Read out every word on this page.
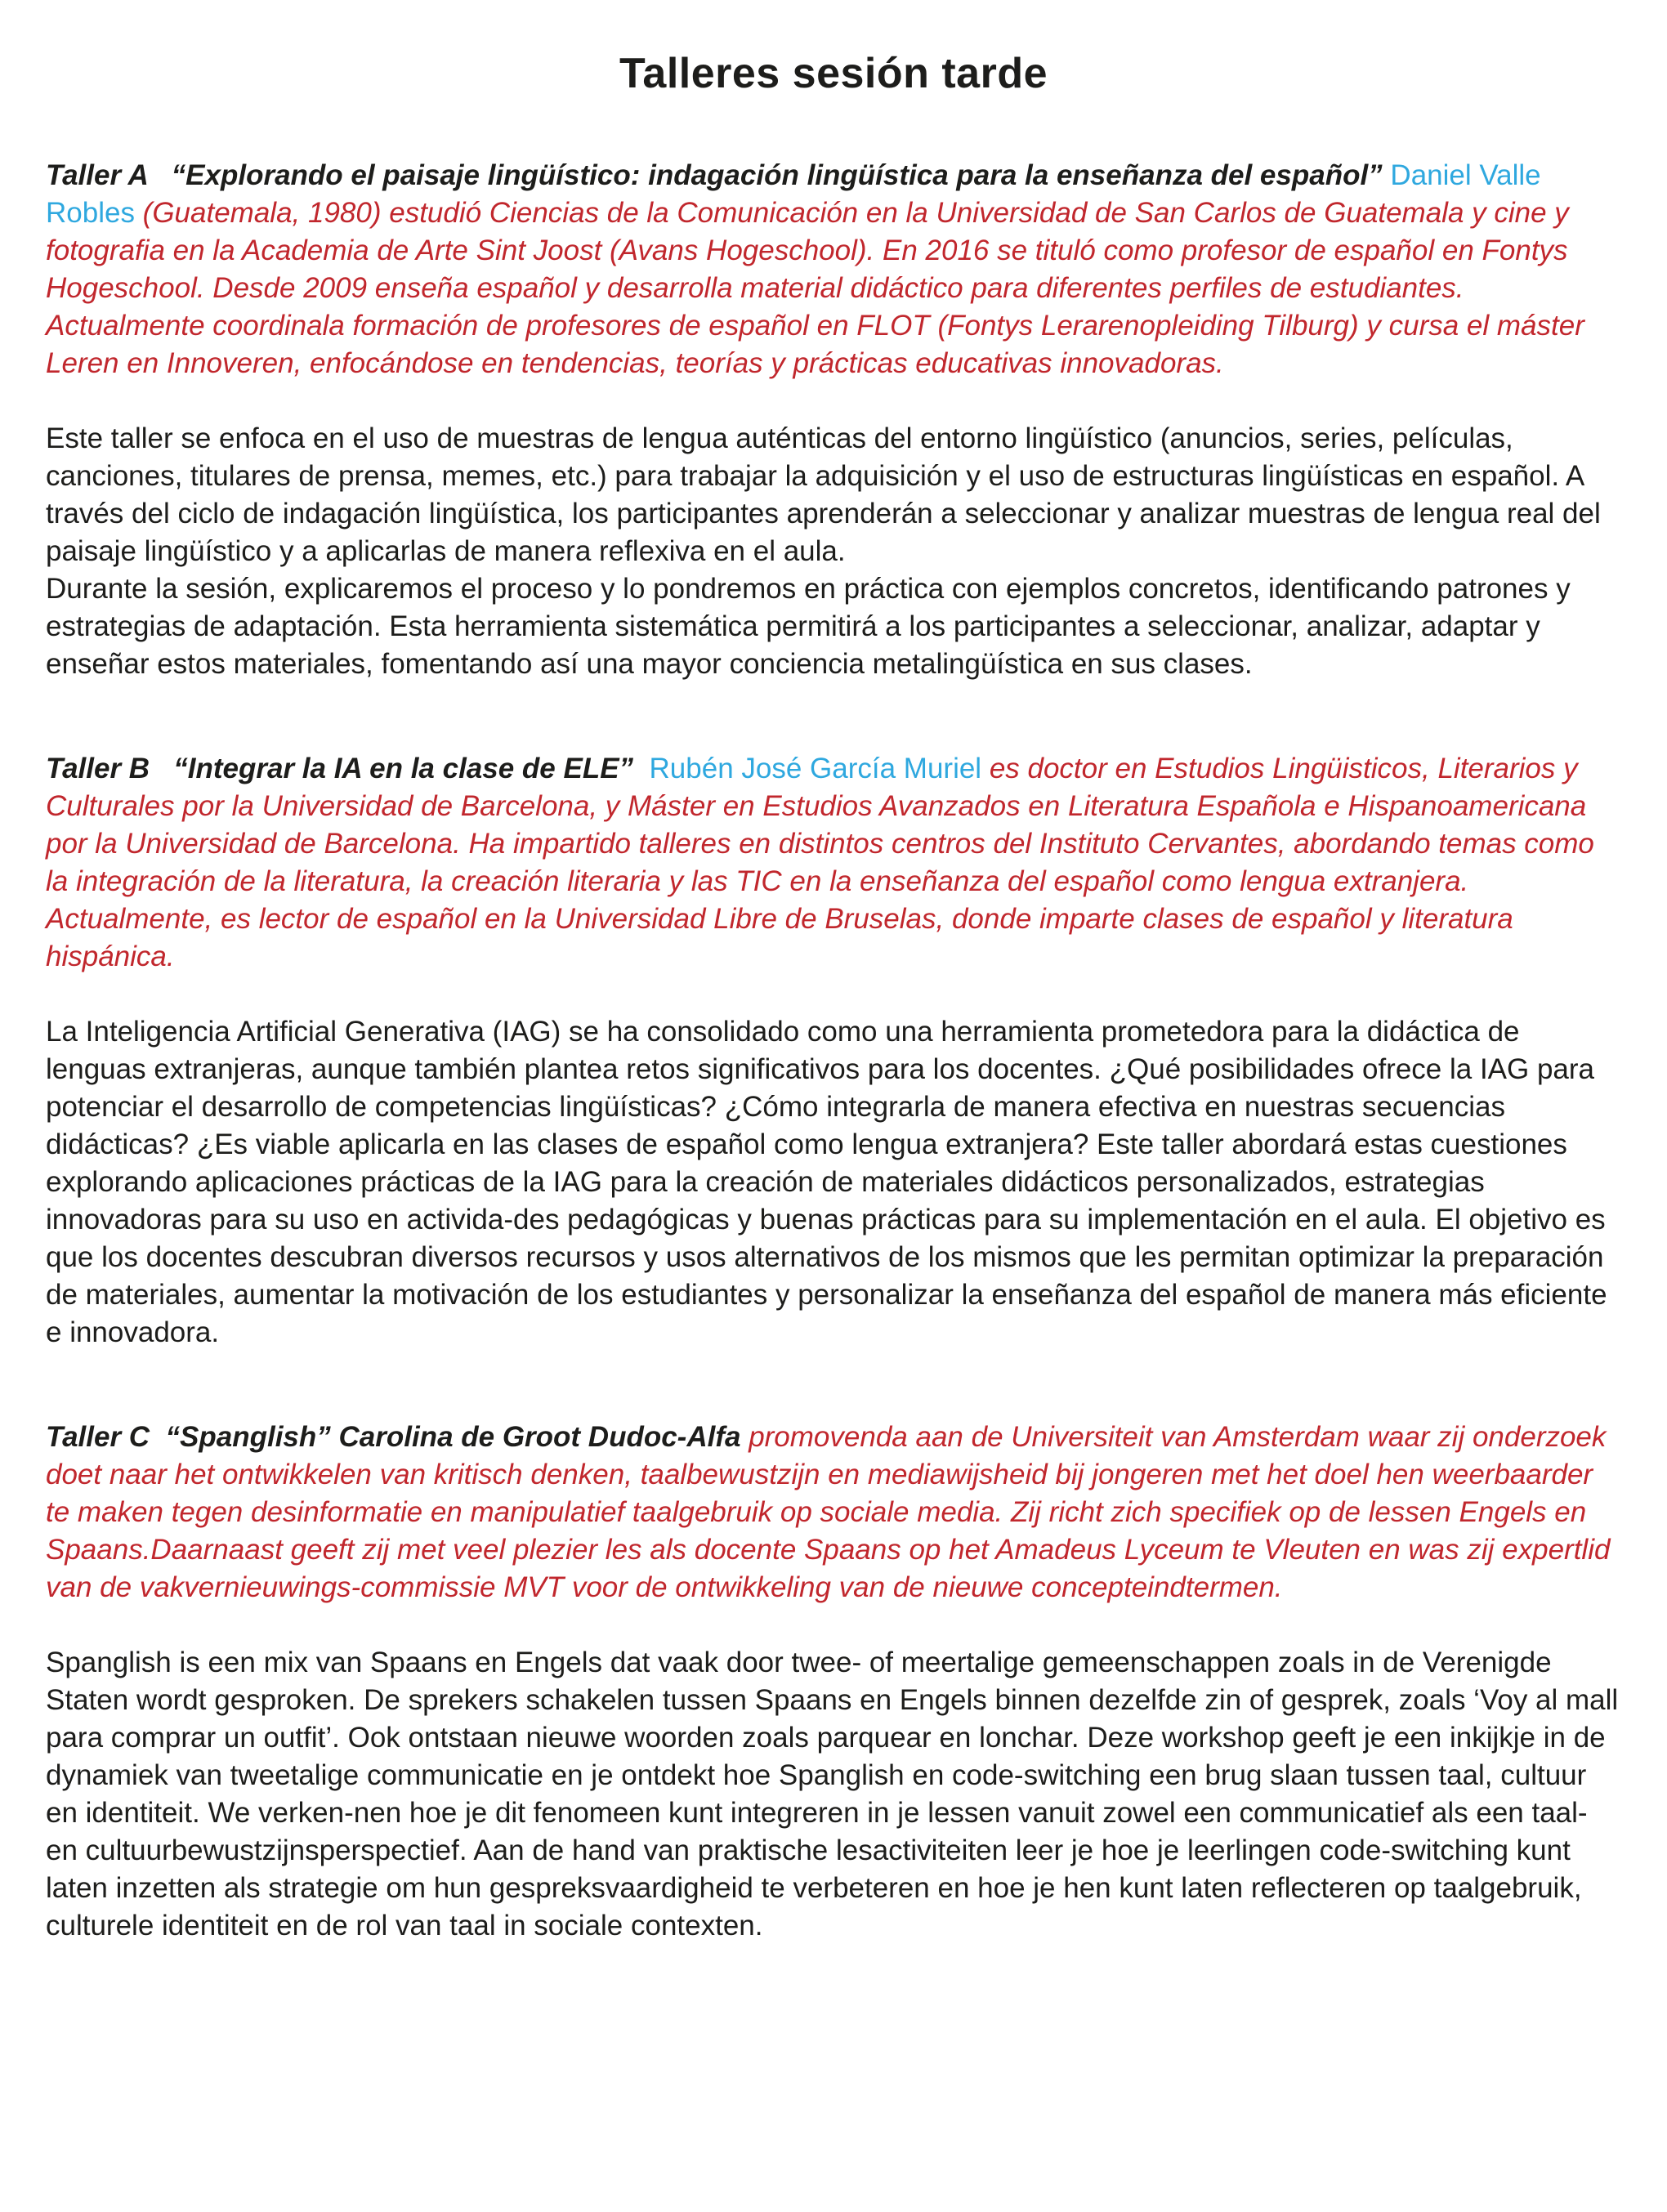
Talleres sesión tarde

Taller A   “Explorando el paisaje lingüístico: indagación lingüística para la enseñanza del español” Daniel Valle Robles (Guatemala, 1980) estudió Ciencias de la Comunicación en la Universidad de San Carlos de Guatemala y cine y fotografia en la Academia de Arte Sint Joost (Avans Hogeschool). En 2016 se tituló como profesor de español en Fontys Hogeschool. Desde 2009 enseña español y desarrolla material didáctico para diferentes perfiles de estudiantes. Actualmente coordinala formación de profesores de español en FLOT (Fontys Lerarenopleiding Tilburg) y cursa el máster Leren en Innoveren, enfocándose en tendencias, teorías y prácticas educativas innovadoras.

Este taller se enfoca en el uso de muestras de lengua auténticas del entorno lingüístico (anuncios, series, películas, canciones, titulares de prensa, memes, etc.) para trabajar la adquisición y el uso de estructuras lingüísticas en español. A través del ciclo de indagación lingüística, los participantes aprenderán a seleccionar y analizar muestras de lengua real del paisaje lingüístico y a aplicarlas de manera reflexiva en el aula.

Durante la sesión, explicaremos el proceso y lo pondremos en práctica con ejemplos concretos, identificando patrones y estrategias de adaptación. Esta herramienta sistemática permitirá a los participantes a seleccionar, analizar, adaptar y enseñar estos materiales, fomentando así una mayor conciencia metalingüística en sus clases.

Taller B   “Integrar la IA en la clase de ELE”  Rubén José García Muriel es doctor en Estudios Lingüisticos, Literarios y Culturales por la Universidad de Barcelona, y Máster en Estudios Avanzados en Literatura Española e Hispanoamericana por la Universidad de Barcelona. Ha impartido talleres en distintos centros del Instituto Cervantes, abordando temas como la integración de la literatura, la creación literaria y las TIC en la enseñanza del español como lengua extranjera. Actualmente, es lector de español en la Universidad Libre de Bruselas, donde imparte clases de español y literatura hispánica.

La Inteligencia Artificial Generativa (IAG) se ha consolidado como una herramienta prometedora para la didáctica de lenguas extranjeras, aunque también plantea retos significativos para los docentes. ¿Qué posibilidades ofrece la IAG para potenciar el desarrollo de competencias lingüísticas? ¿Cómo integrarla de manera efectiva en nuestras secuencias didácticas? ¿Es viable aplicarla en las clases de español como lengua extranjera? Este taller abordará estas cuestiones explorando aplicaciones prácticas de la IAG para la creación de materiales didácticos personalizados, estrategias innovadoras para su uso en activida-des pedagógicas y buenas prácticas para su implementación en el aula. El objetivo es que los docentes descubran diversos recursos y usos alternativos de los mismos que les permitan optimizar la preparación de materiales, aumentar la motivación de los estudiantes y personalizar la enseñanza del español de manera más eficiente e innovadora.

Taller C  “Spanglish” Carolina de Groot Dudoc-Alfa promovenda aan de Universiteit van Amsterdam waar zij onderzoek doet naar het ontwikkelen van kritisch denken, taalbewustzijn en mediawijsheid bij jongeren met het doel hen weerbaarder te maken tegen desinformatie en manipulatief taalgebruik op sociale media. Zij richt zich specifiek op de lessen Engels en Spaans.Daarnaast geeft zij met veel plezier les als docente Spaans op het Amadeus Lyceum te Vleuten en was zij expertlid van de vakvernieuwings-commissie MVT voor de ontwikkeling van de nieuwe concepteindtermen.

Spanglish is een mix van Spaans en Engels dat vaak door twee- of meertalige gemeenschappen zoals in de Verenigde Staten wordt gesproken. De sprekers schakelen tussen Spaans en Engels binnen dezelfde zin of gesprek, zoals ‘Voy al mall para comprar un outfit’. Ook ontstaan nieuwe woorden zoals parquear en lonchar. Deze workshop geeft je een inkijkje in de dynamiek van tweetalige communicatie en je ontdekt hoe Spanglish en code-switching een brug slaan tussen taal, cultuur en identiteit. We verken-nen hoe je dit fenomeen kunt integreren in je lessen vanuit zowel een communicatief als een taal- en cultuurbewustzijnsperspectief. Aan de hand van praktische lesactiviteiten leer je hoe je leerlingen code-switching kunt laten inzetten als strategie om hun gespreksvaardigheid te verbeteren en hoe je hen kunt laten reflecteren op taalgebruik, culturele identiteit en de rol van taal in sociale contexten.
